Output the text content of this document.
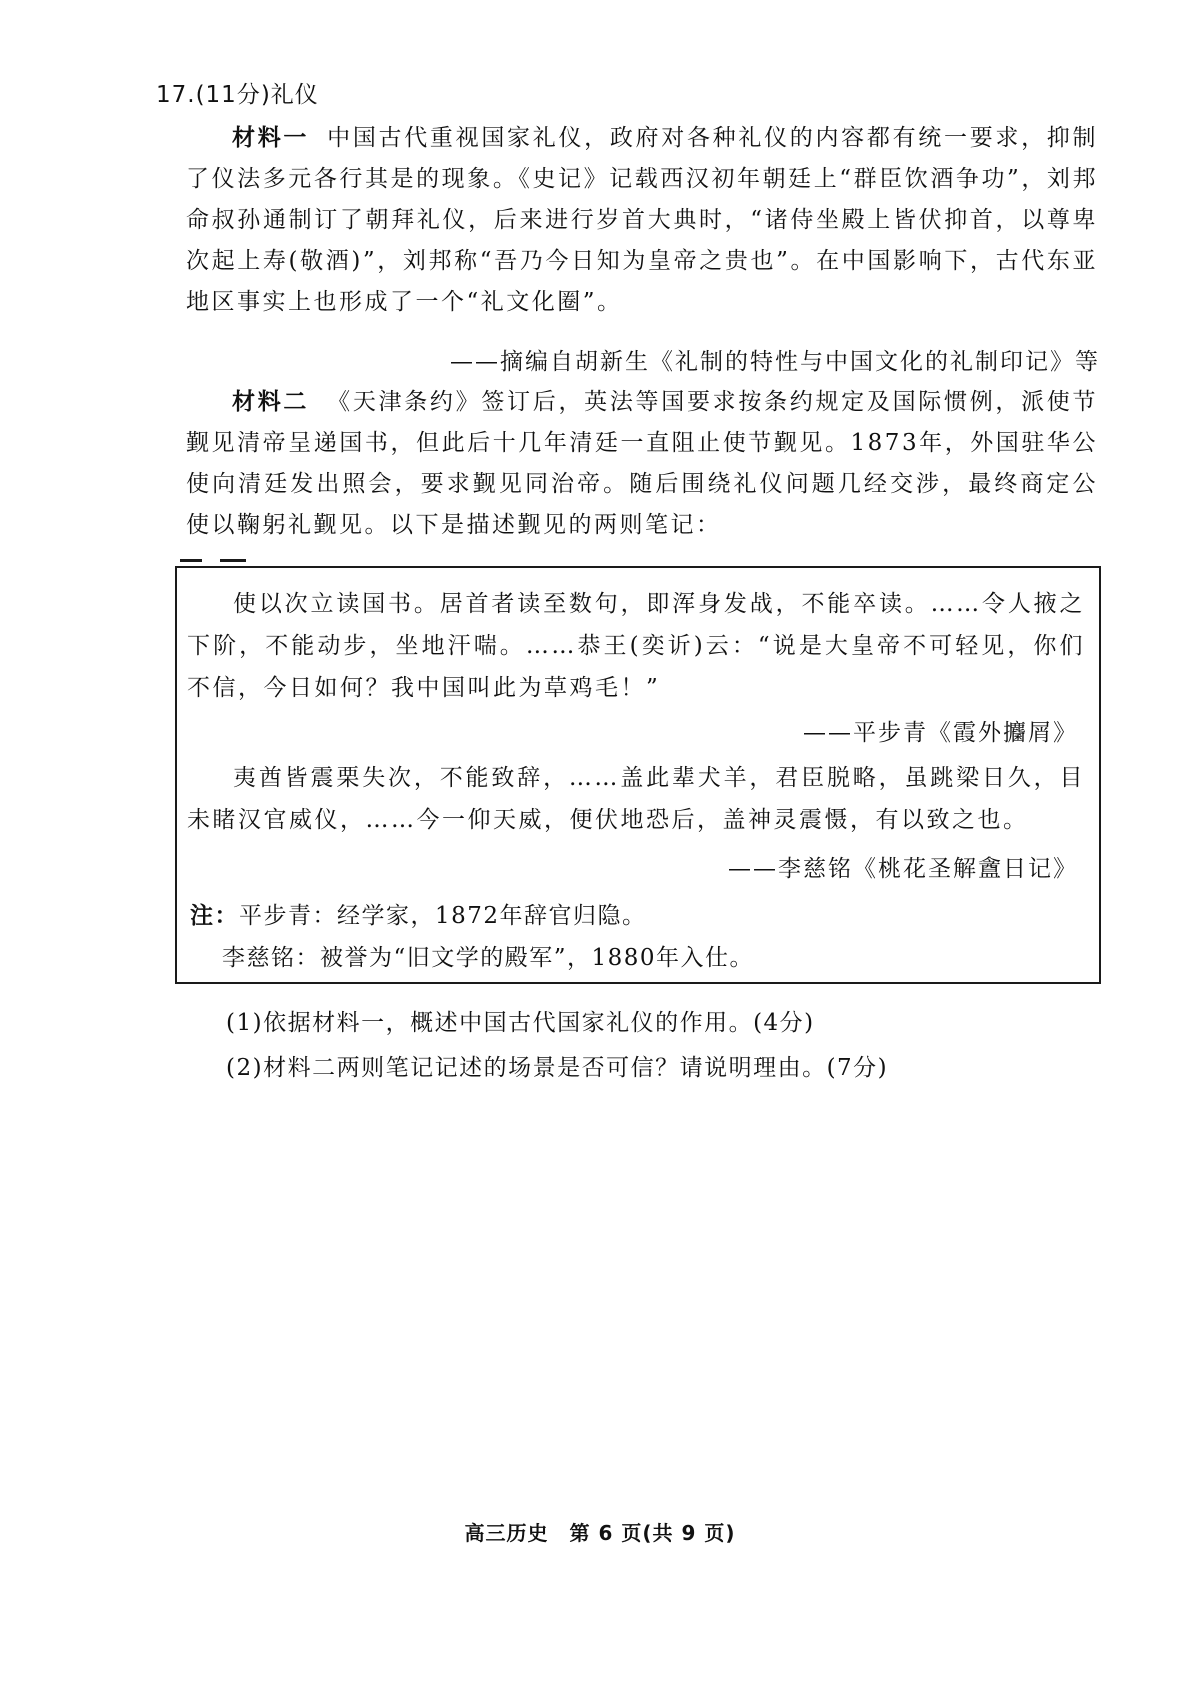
17.(11分)礼仪
材料一 中国古代重视国家礼仪，政府对各种礼仪的内容都有统一要求，抑制了仪法多元各行其是的现象。《史记》记载西汉初年朝廷上“群臣饮酒争功”，刘邦命叔孙通制订了朝拜礼仪，后来进行岁首大典时，“诸侍坐殿上皆伏抑首，以尊卑次起上寿(敬酒)”，刘邦称“吾乃今日知为皇帝之贵也”。在中国影响下，古代东亚地区事实上也形成了一个“礼文化圈”。
——摘编自胡新生《礼制的特性与中国文化的礼制印记》等
材料二 《天津条约》签订后，英法等国要求按条约规定及国际惯例，派使节觐见清帝呈递国书，但此后十几年清廷一直阻止使节觐见。1873年，外国驻华公使向清廷发出照会，要求觐见同治帝。随后围绕礼仪问题几经交涉，最终商定公使以鞠躬礼觐见。以下是描述觐见的两则笔记：
使以次立读国书。居首者读至数句，即浑身发战，不能卒读。……令人掖之下阶，不能动步，坐地汗喘。……恭王(奕䜣)云：“说是大皇帝不可轻见，你们不信，今日如何？我中国叫此为草鸡毛！”
——平步青《霞外攟屑》
夷酋皆震栗失次，不能致辞，……盖此辈犬羊，君臣脱略，虽跳梁日久，目未睹汉官威仪，……今一仰天威，便伏地恐后，盖神灵震慑，有以致之也。
——李慈铭《桃花圣解盦日记》
注：平步青：经学家，1872年辞官归隐。
李慈铭：被誉为“旧文学的殿军”，1880年入仕。
(1)依据材料一，概述中国古代国家礼仪的作用。(4分)
(2)材料二两则笔记记述的场景是否可信？请说明理由。(7分)
高三历史　第 6 页(共 9 页)
